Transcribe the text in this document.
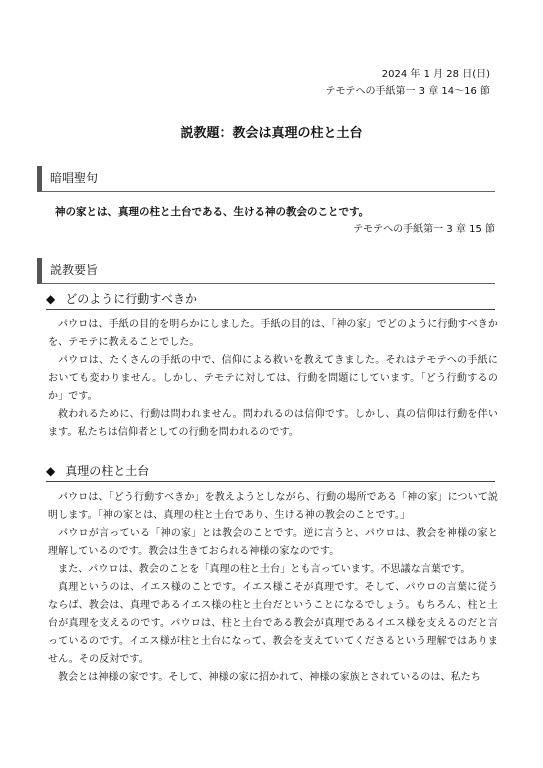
2024 年 1 月 28 日(日)
テモテへの手紙第一 3 章 14～16 節
説教題：教会は真理の柱と土台
暗唱聖句
神の家とは、真理の柱と土台である、生ける神の教会のことです。
テモテへの手紙第一 3 章 15 節
説教要旨
◆ どのように行動すべきか

パウロは、手紙の目的を明らかにしました。手紙の目的は、「神の家」でどのように行動すべきかを、テモテに教えることでした。

パウロは、たくさんの手紙の中で、信仰による救いを教えてきました。それはテモテへの手紙においても変わりません。しかし、テモテに対しては、行動を問題にしています。「どう行動するのか」です。

救われるために、行動は問われません。問われるのは信仰です。しかし、真の信仰は行動を伴います。私たちは信仰者としての行動を問われるのです。

◆ 真理の柱と土台

パウロは、「どう行動すべきか」を教えようとしながら、行動の場所である「神の家」について説明します。「神の家とは、真理の柱と土台であり、生ける神の教会のことです。」

パウロが言っている「神の家」とは教会のことです。逆に言うと、パウロは、教会を神様の家と理解しているのです。教会は生きておられる神様の家なのです。

また、パウロは、教会のことを「真理の柱と土台」とも言っています。不思議な言葉です。

真理というのは、イエス様のことです。イエス様こそが真理です。そして、パウロの言葉に従うならば、教会は、真理であるイエス様の柱と土台だということになるでしょう。もちろん、柱と土台が真理を支えるのです。パウロは、柱と土台である教会が真理であるイエス様を支えるのだと言っているのです。イエス様が柱と土台になって、教会を支えていてくださるという理解ではありません。その反対です。

教会とは神様の家です。そして、神様の家に招かれて、神様の家族とされているのは、私たち
